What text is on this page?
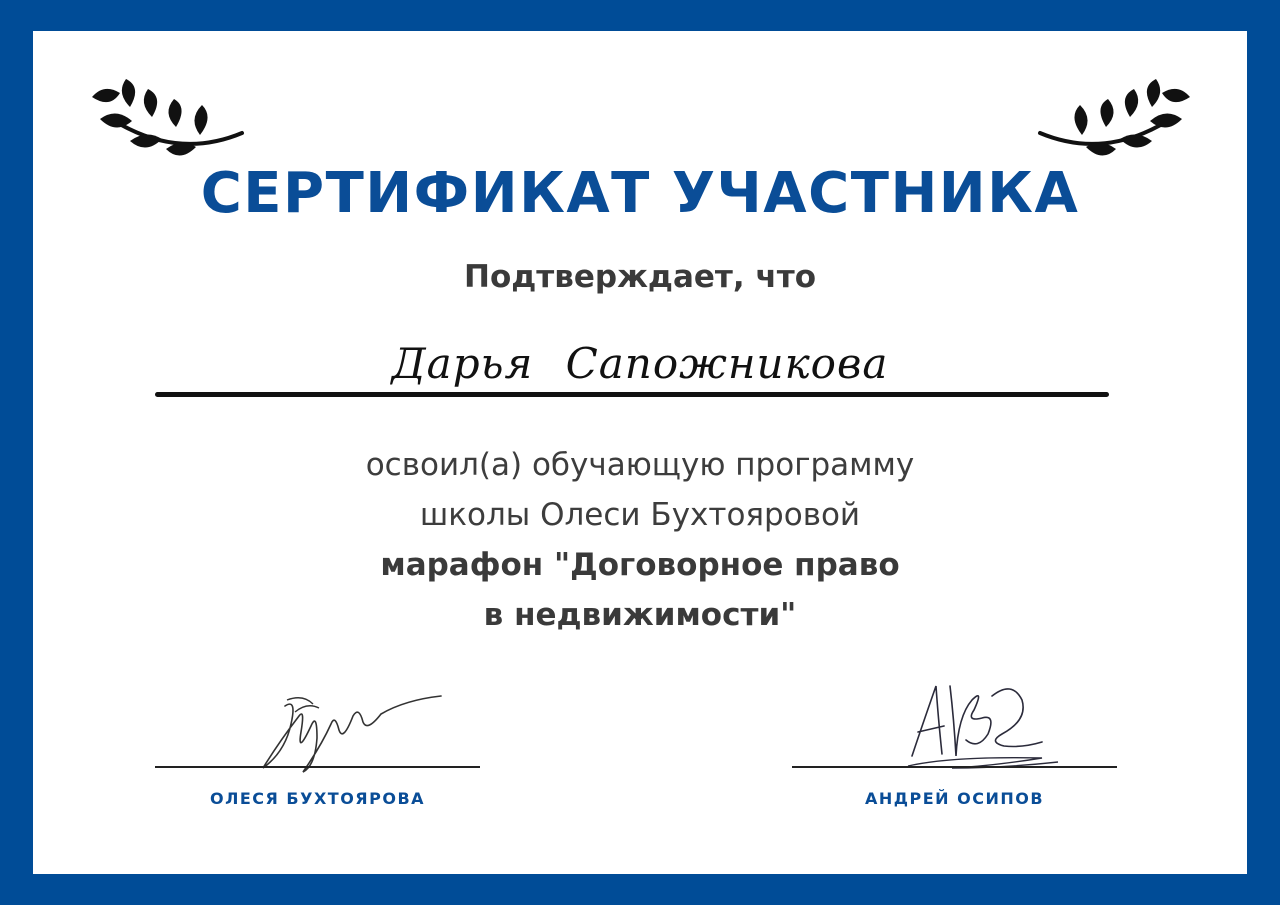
СЕРТИФИКАТ УЧАСТНИКА
Подтверждает, что
Дарья Сапожникова
освоил(а) обучающую программу
школы Олеси Бухтояровой
марафон "Договорное право
в недвижимости"
ОЛЕСЯ БУХТОЯРОВА	АНДРЕЙ ОСИПОВ
